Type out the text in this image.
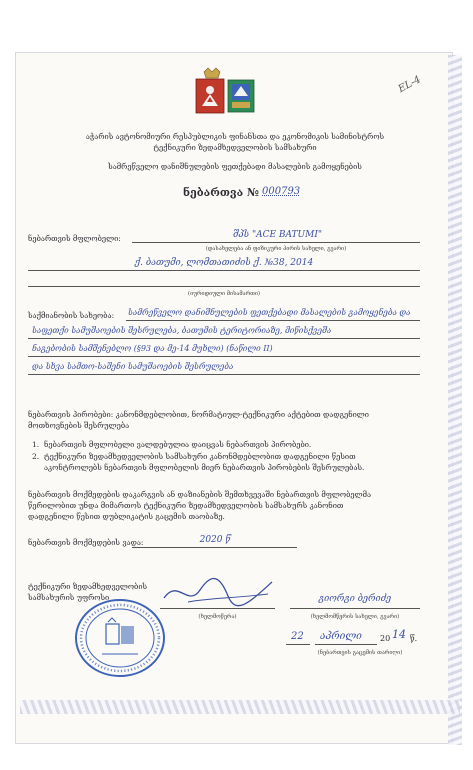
EL-4
აჭარის ავტონომიური რესპუბლიკის ფინანსთა და ეკონომიკის სამინისტროს
ტექნიკური ზედამხედველობის სამსახური
სამრეწველო დანიშნულების ფეთქებადი მასალების გამოყენების
ნებართვა № 000793
ნებართვის მფლობელი:	შპს "ACE BATUMI"
(დასახელება ან ფიზიკური პირის სახელი, გვარი)
ქ. ბათუმი, ლომთათიძის ქ. №38, 2014
(იურიდიული მისამართი)
საქმიანობის სახეობა: სამრეწველო დანიშნულების ფეთქებადი მასალების გამოყენება და
საფეთქი სამუშაოების შესრულება, ბათუმის ტერიტორიაზე, მიწისქვეშა
ნაგებობის სამშენებლო (§93 და მე-14 მუხლი) (ნაწილი II)
და სხვა სამთო-საშენი სამუშაოების შესრულება
ნებართვის პირობები: კანონმდებლობით, ნორმატიულ-ტექნიკური აქტებით დადგენილი
მოთხოვნების შესრულება
1. ნებართვის მფლობელი ვალდებულია დაიცვას ნებართვის პირობები.
2. ტექნიკური ზედამხედველობის სამსახური კანონმდებლობით დადგენილი წესით
აკონტროლებს ნებართვის მფლობელის მიერ ნებართვის პირობების შესრულებას.
ნებართვის მოქმედების დაკარგვის ან დაზიანების შემთხვევაში ნებართვის მფლობელმა
წერილობით უნდა მიმართოს ტექნიკური ზედამხედველობის სამსახურს კანონით
დადგენილი წესით დუბლიკატის გაცემის თაობაზე.
ნებართვის მოქმედების ვადა:	2020 წ
ტექნიკური ზედამხედველობის
სამსახურის უფროსი
(ხელმოწერა)
გიორგი ბერიძე
(ხელმომწერის სახელი, გვარი)
22 აპრილი 20 14 წ.
(ნებართვის გაცემის თარიღი)
